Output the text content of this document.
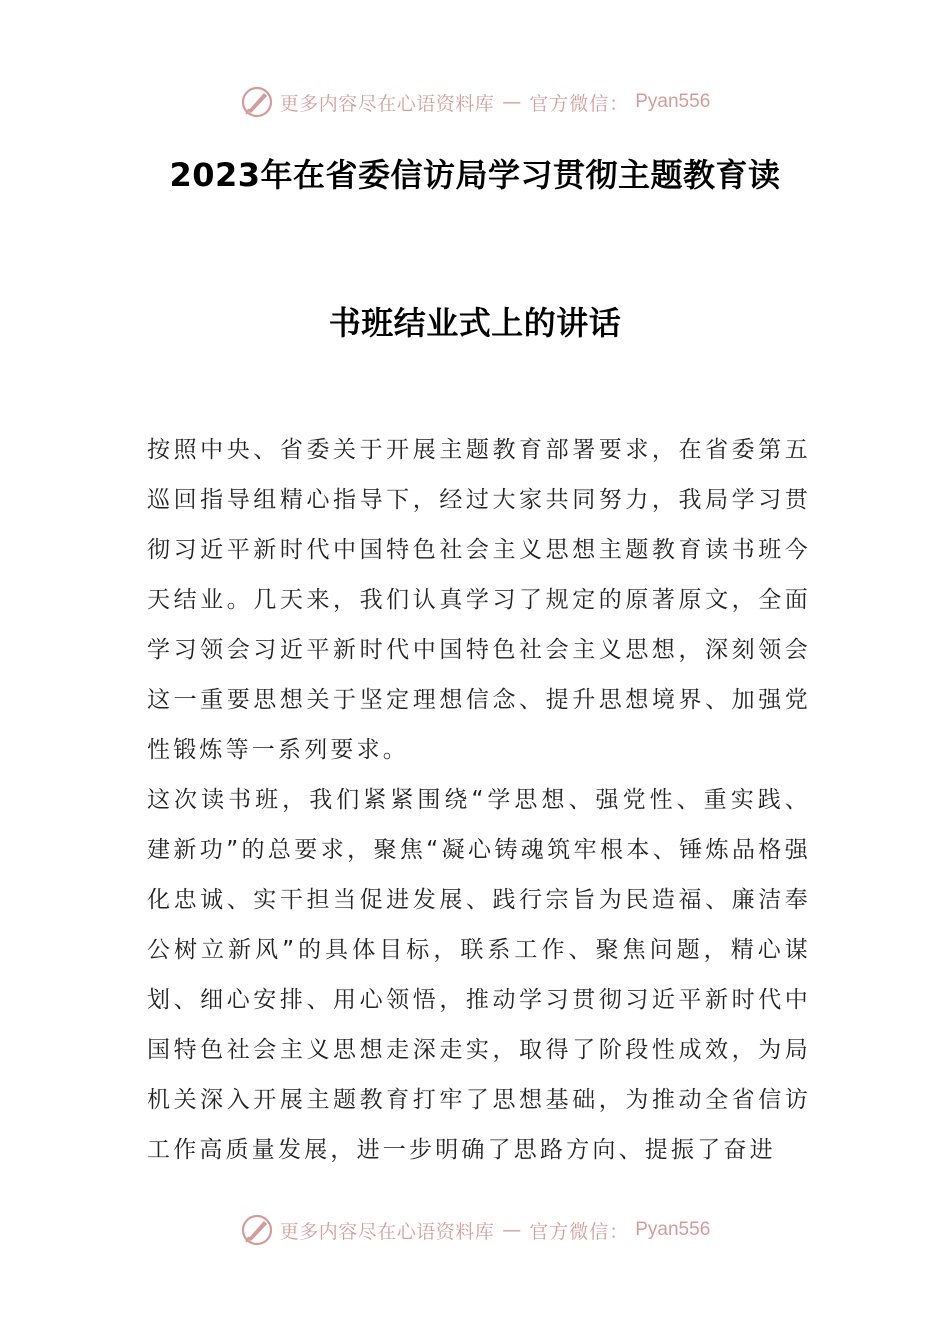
更多内容尽在心语资料库 — 官方微信： Pyan556
2023年在省委信访局学习贯彻主题教育读
书班结业式上的讲话

按照中央、省委关于开展主题教育部署要求，在省委第五巡回指导组精心指导下，经过大家共同努力，我局学习贯彻习近平新时代中国特色社会主义思想主题教育读书班今天结业。几天来，我们认真学习了规定的原著原文，全面学习领会习近平新时代中国特色社会主义思想，深刻领会这一重要思想关于坚定理想信念、提升思想境界、加强党性锻炼等一系列要求。

这次读书班，我们紧紧围绕“学思想、强党性、重实践、建新功”的总要求，聚焦“凝心铸魂筑牢根本、锤炼品格强化忠诚、实干担当促进发展、践行宗旨为民造福、廉洁奉公树立新风”的具体目标，联系工作、聚焦问题，精心谋划、细心安排、用心领悟，推动学习贯彻习近平新时代中国特色社会主义思想走深走实，取得了阶段性成效，为局机关深入开展主题教育打牢了思想基础，为推动全省信访工作高质量发展，进一步明确了思路方向、提振了奋进

更多内容尽在心语资料库 — 官方微信： Pyan556
